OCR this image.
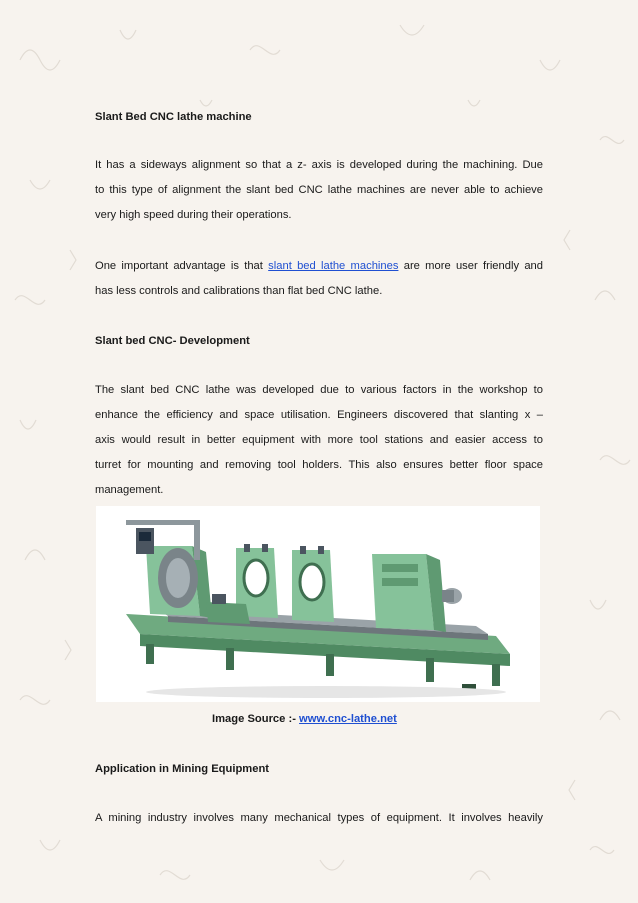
Slant Bed CNC lathe machine
It has a sideways alignment so that a z- axis is developed during the machining. Due
to this type of alignment the slant bed CNC lathe machines are never able to achieve
very high speed during their operations.
One important advantage is that slant bed lathe machines are more user friendly and
has less controls and calibrations than flat bed CNC lathe.
Slant bed CNC- Development
The slant bed CNC lathe was developed due to various factors in the workshop to
enhance the efficiency and space utilisation. Engineers discovered that slanting x –
axis would result in better equipment with more tool stations and easier access to
turret for mounting and removing tool holders. This also ensures better floor space
management.
Image Source :- www.cnc-lathe.net
Application in Mining Equipment
A mining industry involves many mechanical types of equipment. It involves heavily
